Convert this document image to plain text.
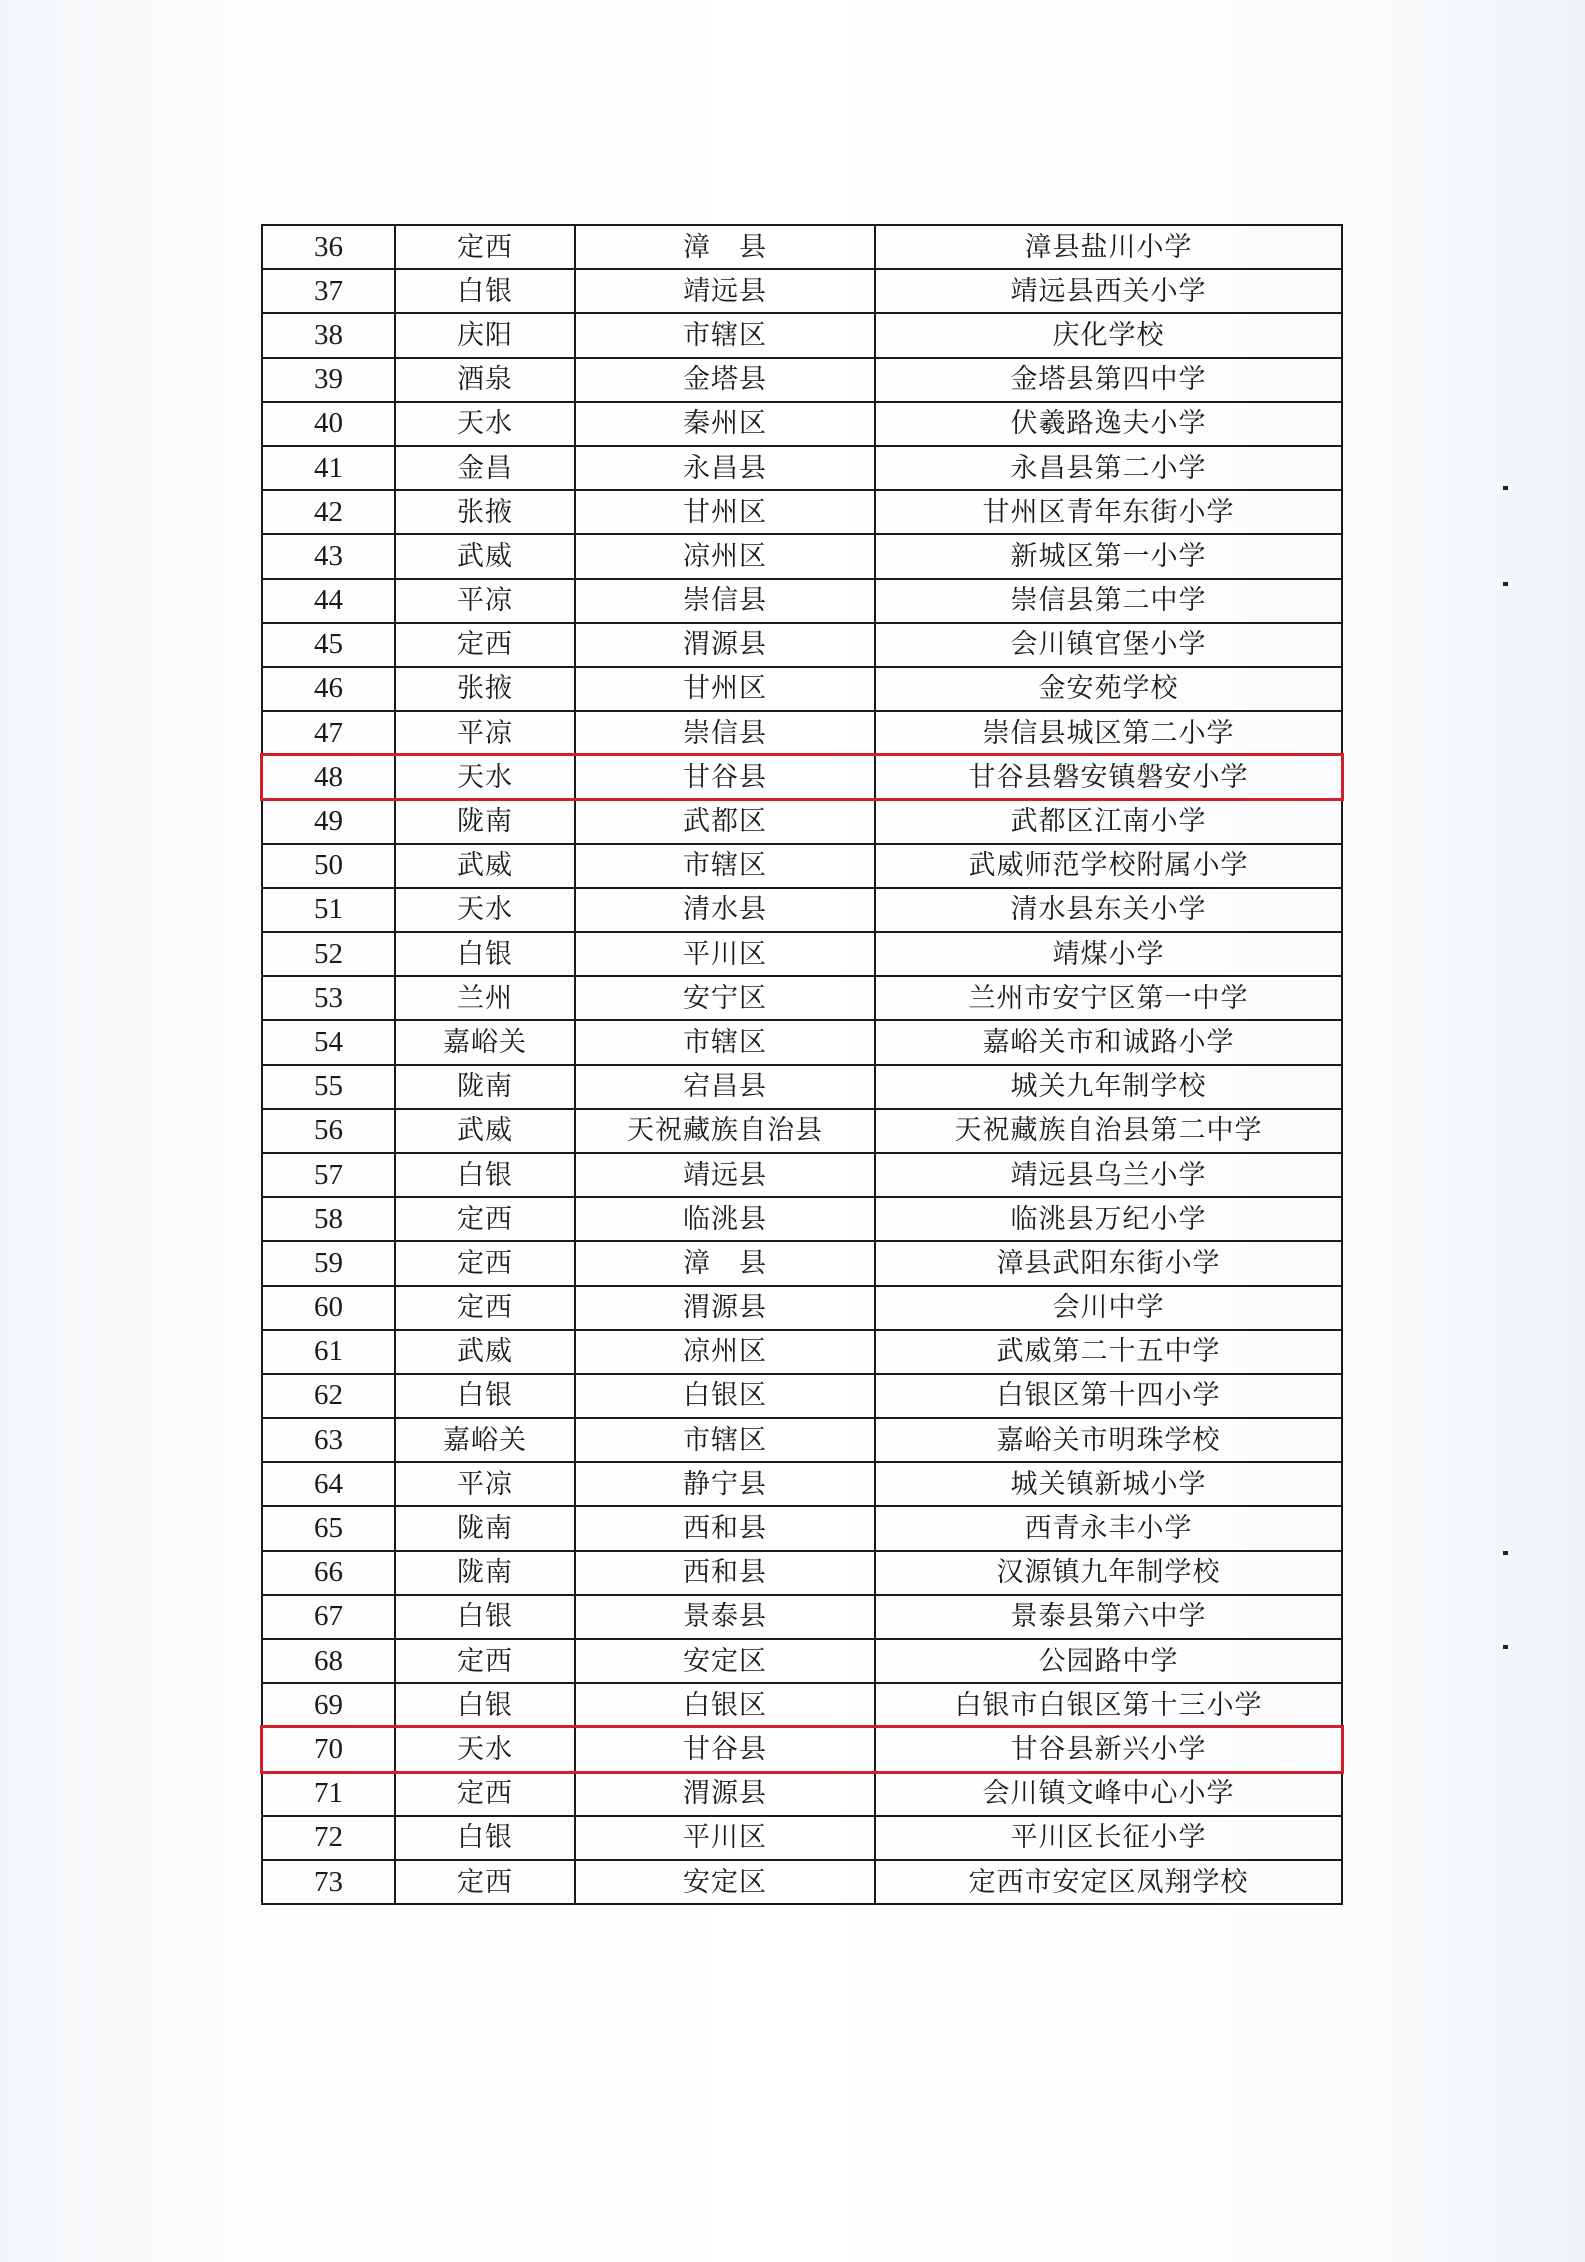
36	定西	漳　县	漳县盐川小学
37	白银	靖远县	靖远县西关小学
38	庆阳	市辖区	庆化学校
39	酒泉	金塔县	金塔县第四中学
40	天水	秦州区	伏羲路逸夫小学
41	金昌	永昌县	永昌县第二小学
42	张掖	甘州区	甘州区青年东街小学
43	武威	凉州区	新城区第一小学
44	平凉	崇信县	崇信县第二中学
45	定西	渭源县	会川镇官堡小学
46	张掖	甘州区	金安苑学校
47	平凉	崇信县	崇信县城区第二小学
48	天水	甘谷县	甘谷县磐安镇磐安小学
49	陇南	武都区	武都区江南小学
50	武威	市辖区	武威师范学校附属小学
51	天水	清水县	清水县东关小学
52	白银	平川区	靖煤小学
53	兰州	安宁区	兰州市安宁区第一中学
54	嘉峪关	市辖区	嘉峪关市和诚路小学
55	陇南	宕昌县	城关九年制学校
56	武威	天祝藏族自治县	天祝藏族自治县第二中学
57	白银	靖远县	靖远县乌兰小学
58	定西	临洮县	临洮县万纪小学
59	定西	漳　县	漳县武阳东街小学
60	定西	渭源县	会川中学
61	武威	凉州区	武威第二十五中学
62	白银	白银区	白银区第十四小学
63	嘉峪关	市辖区	嘉峪关市明珠学校
64	平凉	静宁县	城关镇新城小学
65	陇南	西和县	西青永丰小学
66	陇南	西和县	汉源镇九年制学校
67	白银	景泰县	景泰县第六中学
68	定西	安定区	公园路中学
69	白银	白银区	白银市白银区第十三小学
70	天水	甘谷县	甘谷县新兴小学
71	定西	渭源县	会川镇文峰中心小学
72	白银	平川区	平川区长征小学
73	定西	安定区	定西市安定区凤翔学校
